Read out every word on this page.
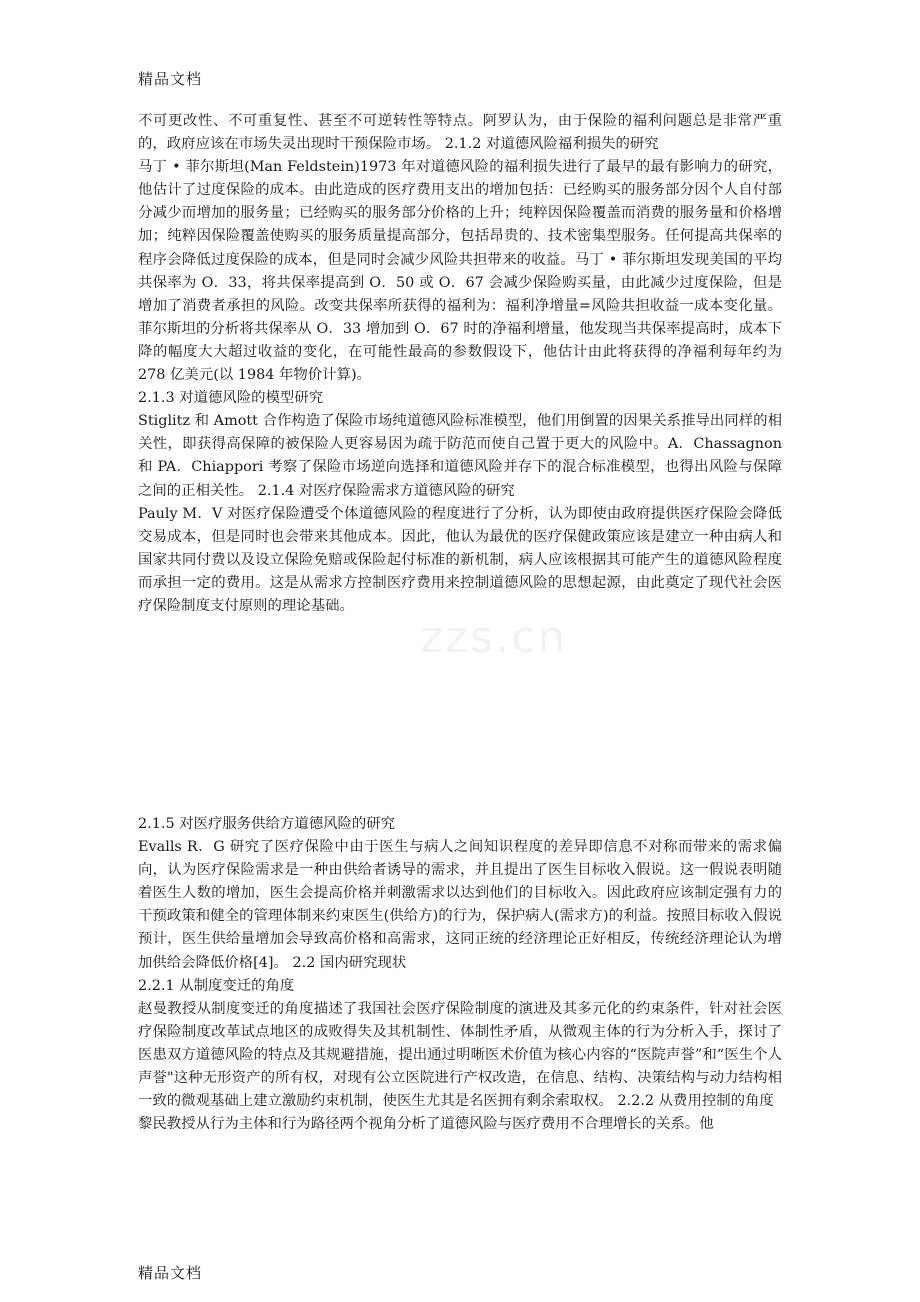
精品文档
zzs.cn

不可更改性、不可重复性、甚至不可逆转性等特点。阿罗认为，由于保险的福利问题总是非常严重的，政府应该在市场失灵出现时干预保险市场。 2.1.2 对道德风险福利损失的研究

马丁 • 菲尔斯坦(Man Feldstein)1973 年对道德风险的福利损失进行了最早的最有影响力的研究，他估计了过度保险的成本。由此造成的医疗费用支出的增加包括：已经购买的服务部分因个人自付部分减少而增加的服务量；已经购买的服务部分价格的上升；纯粹因保险覆盖而消费的服务量和价格增加；纯粹因保险覆盖使购买的服务质量提高部分，包括昂贵的、技术密集型服务。任何提高共保率的程序会降低过度保险的成本，但是同时会减少风险共担带来的收益。马丁 • 菲尔斯坦发现美国的平均共保率为 O．33，将共保率提高到 O．50 或 O．67 会减少保险购买量，由此减少过度保险，但是增加了消费者承担的风险。改变共保率所获得的福利为：福利净增量=风险共担收益一成本变化量。菲尔斯坦的分析将共保率从 O．33 增加到 O．67 时的净福利增量，他发现当共保率提高时，成本下降的幅度大大超过收益的变化，在可能性最高的参数假设下，他估计由此将获得的净福利每年约为 278 亿美元(以 1984 年物价计算)。

2.1.3 对道德风险的模型研究

Stiglitz 和 Amott 合作构造了保险市场纯道德风险标准模型，他们用倒置的因果关系推导出同样的相关性，即获得高保障的被保险人更容易因为疏于防范而使自己置于更大的风险中。A．Chassagnon 和 PA．Chiappori 考察了保险市场逆向选择和道德风险并存下的混合标准模型，也得出风险与保障之间的正相关性。 2.1.4 对医疗保险需求方道德风险的研究

Pauly M．V 对医疗保险遭受个体道德风险的程度进行了分析，认为即使由政府提供医疗保险会降低交易成本，但是同时也会带来其他成本。因此，他认为最优的医疗保健政策应该是建立一种由病人和国家共同付费以及设立保险免赔或保险起付标准的新机制，病人应该根据其可能产生的道德风险程度而承担一定的费用。这是从需求方控制医疗费用来控制道德风险的思想起源，由此奠定了现代社会医疗保险制度支付原则的理论基础。

2.1.5 对医疗服务供给方道德风险的研究

Evalls R．G 研究了医疗保险中由于医生与病人之间知识程度的差异即信息不对称而带来的需求偏向，认为医疗保险需求是一种由供给者诱导的需求，并且提出了医生目标收入假说。这一假说表明随着医生人数的增加，医生会提高价格并刺激需求以达到他们的目标收入。因此政府应该制定强有力的干预政策和健全的管理体制来约束医生(供给方)的行为，保护病人(需求方)的利益。按照目标收入假说预计，医生供给量增加会导致高价格和高需求，这同正统的经济理论正好相反，传统经济理论认为增加供给会降低价格[4]。 2.2 国内研究现状

2.2.1 从制度变迁的角度

赵曼教授从制度变迁的角度描述了我国社会医疗保险制度的演进及其多元化的约束条件，针对社会医疗保险制度改革试点地区的成败得失及其机制性、体制性矛盾，从微观主体的行为分析入手，探讨了医患双方道德风险的特点及其规避措施，提出通过明晰医术价值为核心内容的“医院声誉”和“医生个人声誉"这种无形资产的所有权，对现有公立医院进行产权改造，在信息、结构、决策结构与动力结构相一致的微观基础上建立激励约束机制，使医生尤其是名医拥有剩余索取权。 2.2.2 从费用控制的角度

黎民教授从行为主体和行为路径两个视角分析了道德风险与医疗费用不合理增长的关系。他

精品文档
